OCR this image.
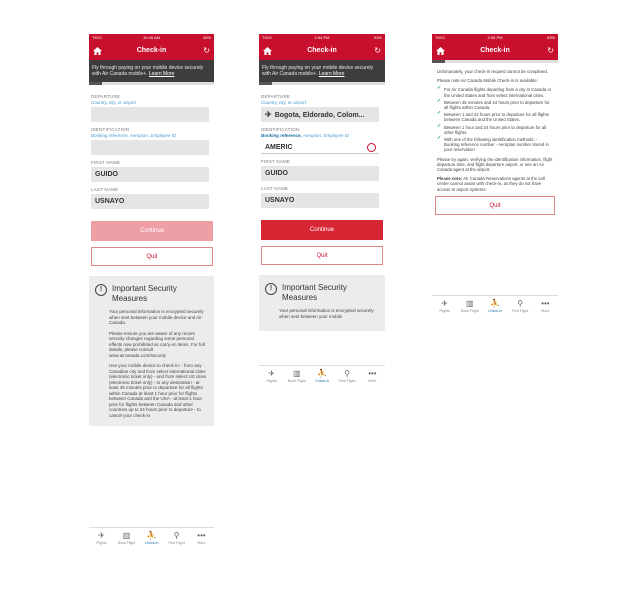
TIGO	10:45 AM	28%
Check-in	↻
Fly through paying on your mobile device securely with Air Canada mobile+. Learn More
DEPARTURE
Country, city, or airport
IDENTIFICATION
Booking reference, Aeroplan, Employee ID
FIRST NAME
GUIDO
LAST NAME
USNAYO
Continue
Quit
!	Important Security Measures

Your personal information is encrypted securely when sent between your mobile device and Air Canada.

Please ensure you are aware of any recent security changes regarding some personal effects now prohibited as carry-on items. For full details, please consult www.aircanada.com/security

Use your mobile device to check-in: - from any Canadian city and from select international cities (electronic ticket only) - and from select US cities (electronic ticket only) - to any destination - at least 45 minutes prior to departure for all flights within Canada at least 1 hour prior for flights between Canada and the USA - at least 1 hour prior for flights between Canada and other countries up to 24 hours prior to departure - to cancel your check-in

✈
Flights
▥
Book Flight
⛹
Check-in
⚲
Find Flight
•••
More
TIGO	2:54 PM	93%
Check-in	↻
Fly through paying on your mobile device securely with Air Canada mobile+. Learn More
DEPARTURE
Country, city, or airport
✈ Bogota, Eldorado, Colom...
IDENTIFICATION
Booking reference, Aeroplan, Employee ID
AMERIC
FIRST NAME
GUIDO
LAST NAME
USNAYO
Continue
Quit
!	Important Security Measures

Your personal information is encrypted securely when sent between your mobile

✈
Flights
▥
Book Flight
⛹
Check-in
⚲
Find Flight
•••
More
TIGO	2:55 PM	93%
Check-in	↻

Unfortunately, your check-in request cannot be completed.

Please note Air Canada Mobile Check-in is available:

✓ For Air Canada flights departing from a city in Canada or the United States and from select international cities.
✓ Between 45 minutes and 24 hours prior to departure for all flights within Canada.
✓ Between 1 and 24 hours prior to departure for all flights between Canada and the United States.
✓ Between 1 hour and 24 hours prior to departure for all other flights.
✓ With one of the following identification methods: - Booking reference number - Aeroplan number stored in your reservation

Please try again, verifying the identification information, flight departure time, and flight departure airport, or see an Air Canada agent at the airport.

Please note: Air Canada Reservations agents at the call center cannot assist with check-in, as they do not have access to airport systems.

Quit
✈
Flights
▥
Book Flight
⛹
Check-in
⚲
Find Flight
•••
More
